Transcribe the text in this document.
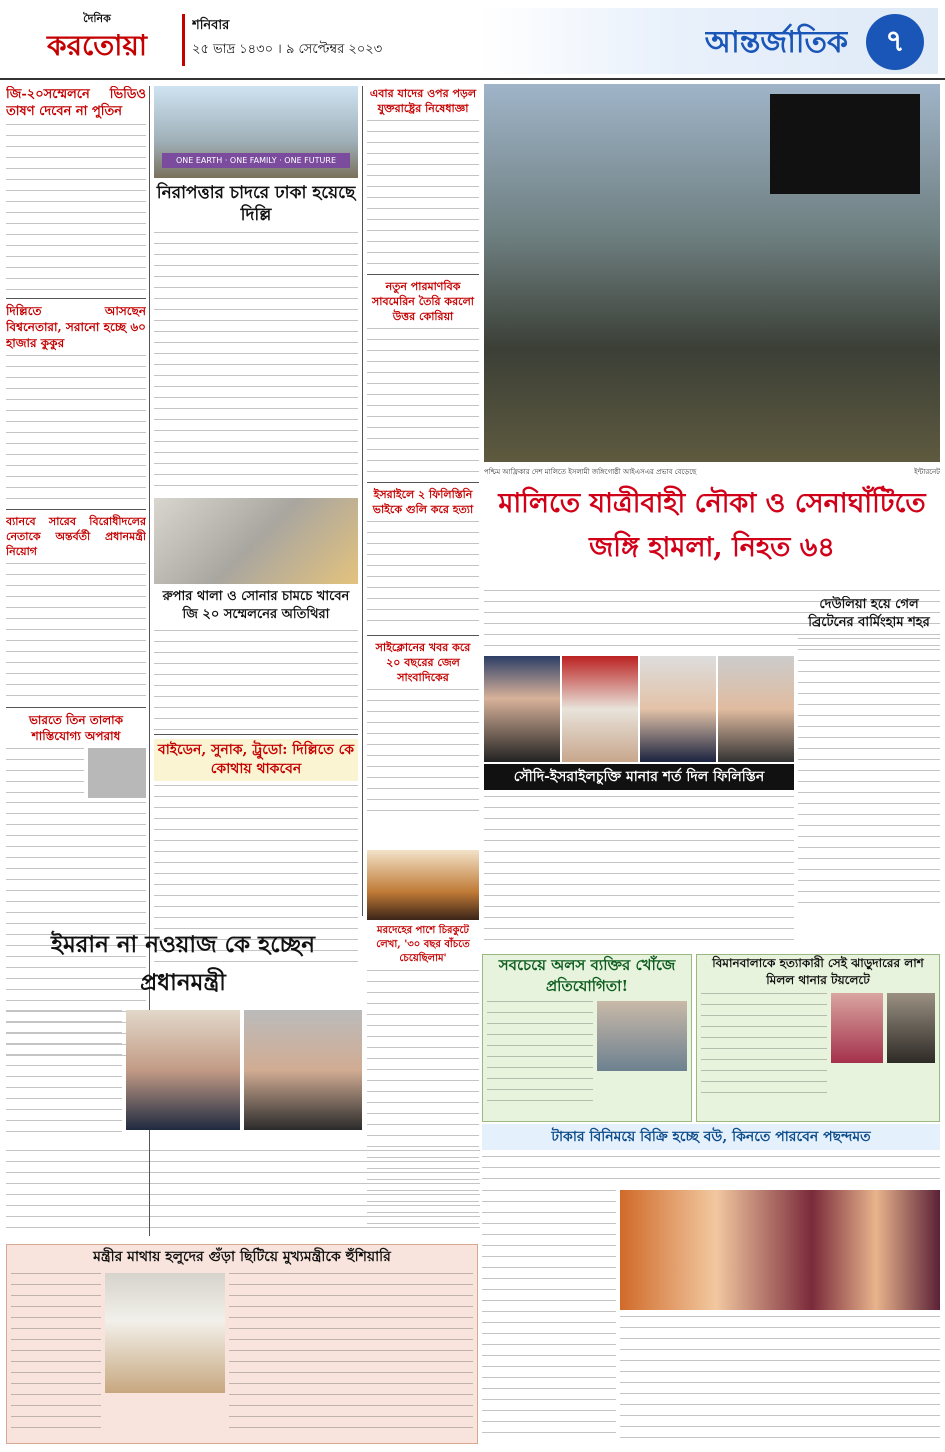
দৈনিক
করতোয়া
শনিবার
২৫ ভাদ্র ১৪৩০ । ৯ সেপ্টেম্বর ২০২৩	আন্তর্জাতিক	৭
জি-২০সম্মেলনে ভিডিও তাষণ দেবেন না পুতিন
দিল্লিতে আসছেন বিশ্বনেতারা, সরানো হচ্ছে ৬০ হাজার কুকুর
ব্যানবে সারেব বিরোধীদলের নেতাকে অন্তর্বর্তী প্রধানমন্ত্রী নিয়োগ
ভারতে তিন তালাক শাস্তিযোগ্য অপরাধ
ONE EARTH · ONE FAMILY · ONE FUTURE
নিরাপত্তার চাদরে ঢাকা হয়েছে দিল্লি
রুপার থালা ও সোনার চামচে খাবেন জি ২০ সম্মেলনের অতিথিরা
বাইডেন, সুনাক, ট্রুডো: দিল্লিতে কে কোথায় থাকবেন
এবার যাদের ওপর পড়ল যুক্তরাষ্ট্রের নিষেধাজ্ঞা
নতুন পারমাণবিক সাবমেরিন তৈরি করলো উত্তর কোরিয়া
ইসরাইলে ২ ফিলিস্তিনি ভাইকে গুলি করে হত্যা
সাইক্লোনের খবর করে ২০ বছরের জেল সাংবাদিকের
পশ্চিম আফ্রিকার দেশ মালিতে ইসলামী জঙ্গিগোষ্ঠী আইএসএর প্রভাব বেড়েছে	ইন্টারনেট
মালিতে যাত্রীবাহী নৌকা ও সেনাঘাঁটিতে জঙ্গি হামলা, নিহত ৬৪
দেউলিয়া হয়ে গেল ব্রিটেনের বার্মিংহাম শহর
সৌদি-ইসরাইলচুক্তি মানার শর্ত দিল ফিলিস্তিন
মরদেহের পাশে চিরকুটে লেখা, '৩০ বছর বাঁচতে চেয়েছিলাম'	সবচেয়ে অলস ব্যক্তির খোঁজে প্রতিযোগিতা!
বিমানবালাকে হত্যাকারী সেই ঝাড়ুদারের লাশ মিলল থানার টয়লেটে
ইমরান না নওয়াজ কে হচ্ছেন প্রধানমন্ত্রী
টাকার বিনিময়ে বিক্রি হচ্ছে বউ, কিনতে পারবেন পছন্দমত
মন্ত্রীর মাথায় হলুদের গুঁড়া ছিটিয়ে মুখ্যমন্ত্রীকে হুঁশিয়ারি
